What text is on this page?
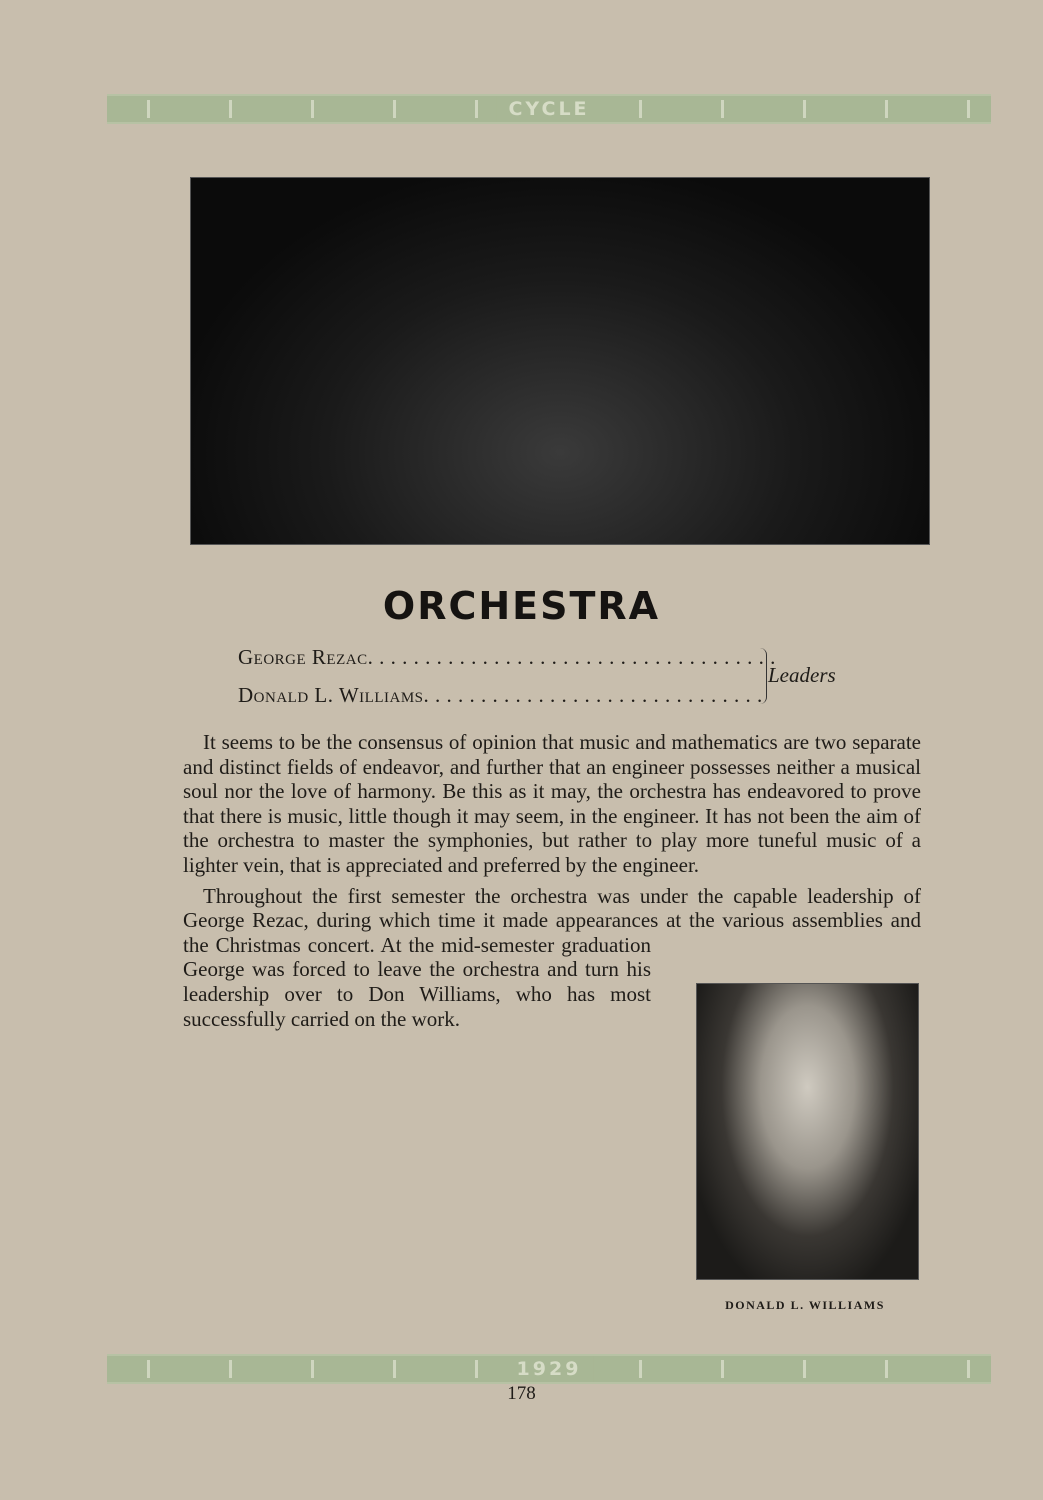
CYCLE
ORCHESTRA
George Rezac. . . . . . . . . . . . . . . . . . . . . . . . . . . . . . . . . . . .
Donald L. Williams. . . . . . . . . . . . . . . . . . . . . . . . . . . . . .
Leaders

It seems to be the consensus of opinion that music and mathematics are two separate and distinct fields of endeavor, and further that an engineer possesses neither a musical soul nor the love of harmony. Be this as it may, the orchestra has endeavored to prove that there is music, little though it may seem, in the engineer. It has not been the aim of the orchestra to master the symphonies, but rather to play more tuneful music of a lighter vein, that is appreciated and preferred by the engineer.

Throughout the first semester the orchestra was under the capable leadership of George Rezac, during which time it made appearances at the various assemblies and the Christmas concert. At the mid-semester graduation George was forced to leave the orchestra and turn his leadership over to Don Williams, who has most successfully carried on the work.

DONALD L. WILLIAMS
1929
178
